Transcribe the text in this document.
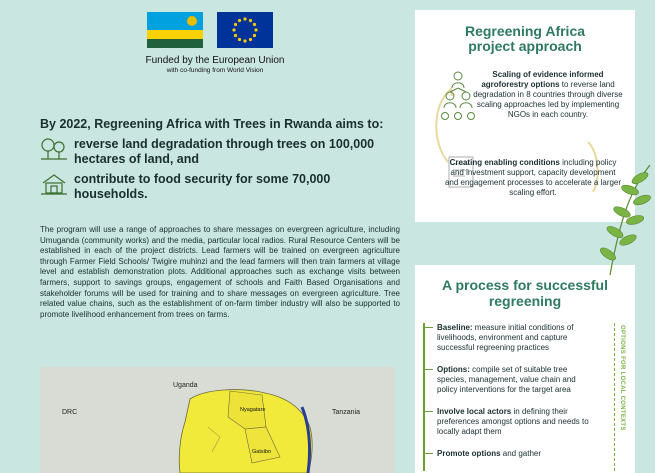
Funded by the European Union
with co-funding from World Vision
By 2022, Regreening Africa with Trees in Rwanda aims to:
reverse land degradation through trees on 100,000
hectares of land, and
contribute to food security for some 70,000
households.
The program will use a range of approaches to share messages on evergreen agriculture, including Umuganda (community works) and the media, particular local radios. Rural Resource Centers will be established in each of the project districts. Lead farmers will be trained on evergreen agriculture through Farmer Field Schools/ Twigire muhinzi and the lead farmers will then train farmers at village level and establish demonstration plots. Additional approaches such as exchange visits between farmers, support to savings groups, engagement of schools and Faith Based Organisations and stakeholder forums will be used for training and to share messages on evergreen agriculture. Tree related value chains, such as the establishment of on-farm timber industry will also be supported to promote livelihood enhancement from trees on farms.
Uganda
DRC	Tanzania
Nyagatare
Gatsibo
Regreening Africa
project approach
Scaling of evidence informed agroforestry options to reverse land degradation in 8 countries through diverse scaling approaches led by implementing NGOs in each country.
Creating enabling conditions including policy and investment support, capacity development and engagement processes to accelerate a larger scaling effort.
A process for successful
regreening
Baseline: measure initial conditions of livelihoods, environment and capture successful regreening practices
Options: compile set of suitable tree species, management, value chain and policy interventions for the target area
Involve local actors in defining their preferences amongst options and needs to locally adapt them
Promote options and gather
OPTIONS FOR LOCAL CONTEXTS
